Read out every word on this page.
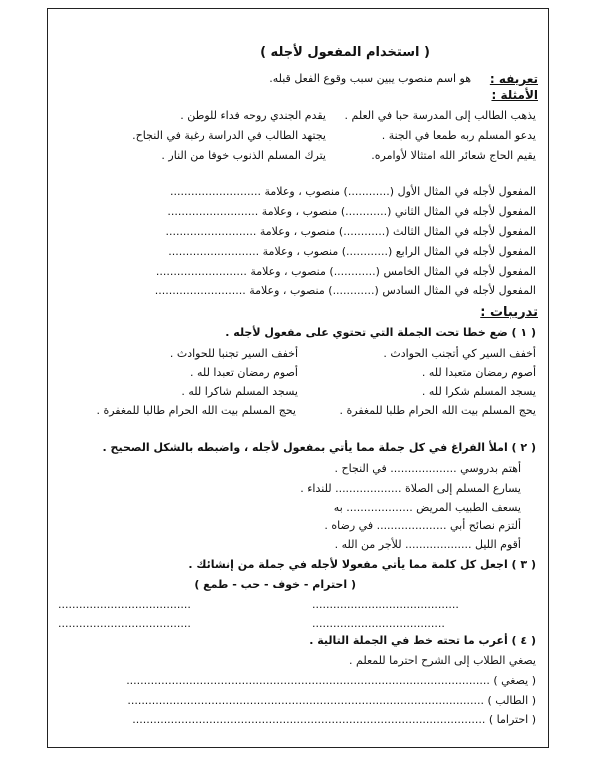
( استخدام المفعول لأجله )
تعريفه :
هو اسم منصوب يبين سبب وقوع الفعل قبله.
الأمثلة :
يذهب الطالب إلى المدرسة حبا في العلم .
يقدم الجندي روحه فداء للوطن .
يدعو المسلم ربه طمعا في الجنة .
يجتهد الطالب في الدراسة رغبة في النجاح.
يقيم الحاج شعائر الله امتثالا لأوامره.
يترك المسلم الذنوب خوفا من النار .
المفعول لأجله في المثال الأول (............) منصوب ، وعلامة ..........................
المفعول لأجله في المثال الثاني (............) منصوب ، وعلامة ..........................
المفعول لأجله في المثال الثالث (............) منصوب ، وعلامة ..........................
المفعول لأجله في المثال الرابع (............) منصوب ، وعلامة ..........................
المفعول لأجله في المثال الخامس (............) منصوب ، وعلامة ..........................
المفعول لأجله في المثال السادس (............) منصوب ، وعلامة ..........................
تدريبات :
( ١ ) ضع خطا تحت الجملة التي تحتوي على مفعول لأجله .
أخفف السير كي أتجنب الحوادث .
أخفف السير تجنبا للحوادث .
أصوم رمضان متعبدا لله .
أصوم رمضان تعبدا لله .
يسجد المسلم شكرا لله .
يسجد المسلم شاكرا لله .
يحج المسلم بيت الله الحرام طلبا للمغفرة .
يحج المسلم بيت الله الحرام طالبا للمغفرة .
( ٢ ) املأ الفراغ في كل جملة مما يأتي بمفعول لأجله ، واضبطه بالشكل الصحيح .
أهتم بدروسي ................... في النجاح .
يسارع المسلم إلى الصلاة ................... للنداء .
يسعف الطبيب المريض ................... به
ألتزم نصائح أبي .................... في رضاه .
أقوم الليل ................... للأجر من الله .
( ٣ ) اجعل كل كلمة مما يأتي مفعولا لأجله في جملة من إنشائك .
( احترام - خوف - حب - طمع )
..........................................
......................................
......................................
......................................
( ٤ ) أعرب ما تحته خط في الجملة التالية .
يصغي الطلاب إلى الشرح احترما للمعلم .
( يصغي ) ........................................................................................................
( الطالب ) ......................................................................................................
( احتراما ) .....................................................................................................
